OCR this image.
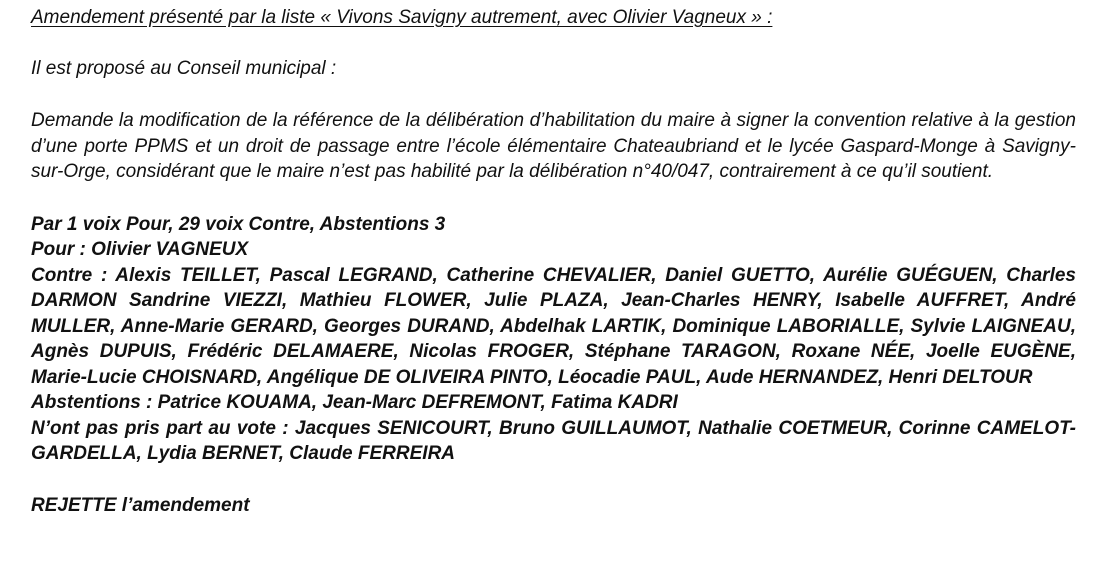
Amendement présenté par la liste « Vivons Savigny autrement, avec Olivier Vagneux » :

Il est proposé au Conseil municipal :

Demande la modification de la référence de la délibération d’habilitation du maire à signer la convention relative à la gestion d’une porte PPMS et un droit de passage entre l’école élémentaire Chateaubriand et le lycée Gaspard-Monge à Savigny-sur-Orge, considérant que le maire n’est pas habilité par la délibération n°40/047, contrairement à ce qu’il soutient.

Par 1 voix Pour, 29 voix Contre, Abstentions 3
Pour : Olivier VAGNEUX
Contre : Alexis TEILLET, Pascal LEGRAND, Catherine CHEVALIER, Daniel GUETTO, Aurélie GUÉGUEN, Charles DARMON Sandrine VIEZZI, Mathieu FLOWER, Julie PLAZA, Jean-Charles HENRY, Isabelle AUFFRET, André MULLER, Anne-Marie GERARD, Georges DURAND, Abdelhak LARTIK, Dominique LABORIALLE, Sylvie LAIGNEAU, Agnès DUPUIS, Frédéric DELAMAERE, Nicolas FROGER, Stéphane TARAGON, Roxane NÉE, Joelle EUGÈNE, Marie-Lucie CHOISNARD, Angélique DE OLIVEIRA PINTO, Léocadie PAUL, Aude HERNANDEZ, Henri DELTOUR
Abstentions : Patrice KOUAMA, Jean-Marc DEFREMONT, Fatima KADRI
N’ont pas pris part au vote : Jacques SENICOURT, Bruno GUILLAUMOT, Nathalie COETMEUR, Corinne CAMELOT-GARDELLA, Lydia BERNET, Claude FERREIRA

REJETTE l’amendement
